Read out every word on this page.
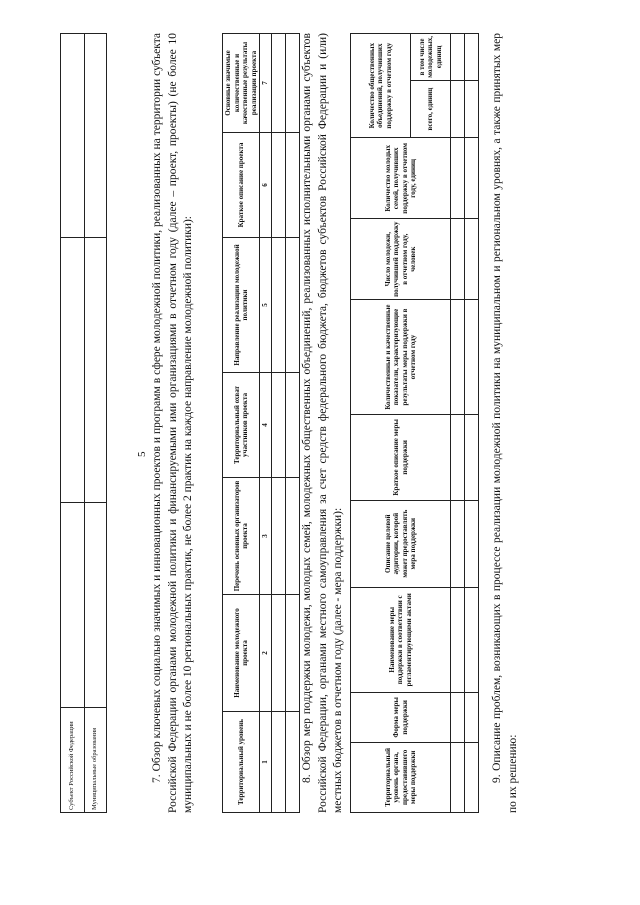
Субъект Российской Федерации			
Муниципальные образования			
5
7. Обзор ключевых социально значимых и инновационных проектов и программ в сфере молодежной политики, реализованных на территории субъекта Российской Федерации органами молодежной политики и финансируемыми ими организациями в отчетном году (далее – проект, проекты) (не более 10 муниципальных и не более 10 региональных практик, не более 2 практик на каждое направление молодежной политики):	Территориальный уровень	Наименование молодежного проекта	Перечень основных организаторов проекта	Территориальный охват участников проекта	Направление реализации молодежной политики	Краткое описание проекта	Основные значимые количественные и качественные результаты реализации проекта
1	2	3	4	5	6	7

8. Обзор мер поддержки молодежи, молодых семей, молодежных общественных объединений, реализованных исполнительными органами субъектов Российской Федерации, органами местного самоуправления за счет средств федерального бюджета, бюджетов субъектов Российской Федерации и (или) местных бюджетов в отчетном году (далее - мера поддержки):	Территориальный уровень органа, предоставившего меры поддержки	Форма меры поддержки	Наименование меры поддержки в соответствии с регламентирующими актами	Описание целевой аудитории, которой может предоставлять мера поддержки	Краткое описание меры поддержки	Количественные и качественные показатели, характеризующие результаты меры поддержки в отчетном году	Число молодежи, получившей поддержку в отчетном году, человек	Количество молодых семей, получивших поддержку в отчетном году, единиц	Количество общественных объединений, получивших поддержку в отчетном году	
								всего, единиц	в том числе молодежных, единиц

9. Описание проблем, возникающих в процессе реализации молодежной политики на муниципальном и региональном уровнях, а также принятых мер по их решению:
